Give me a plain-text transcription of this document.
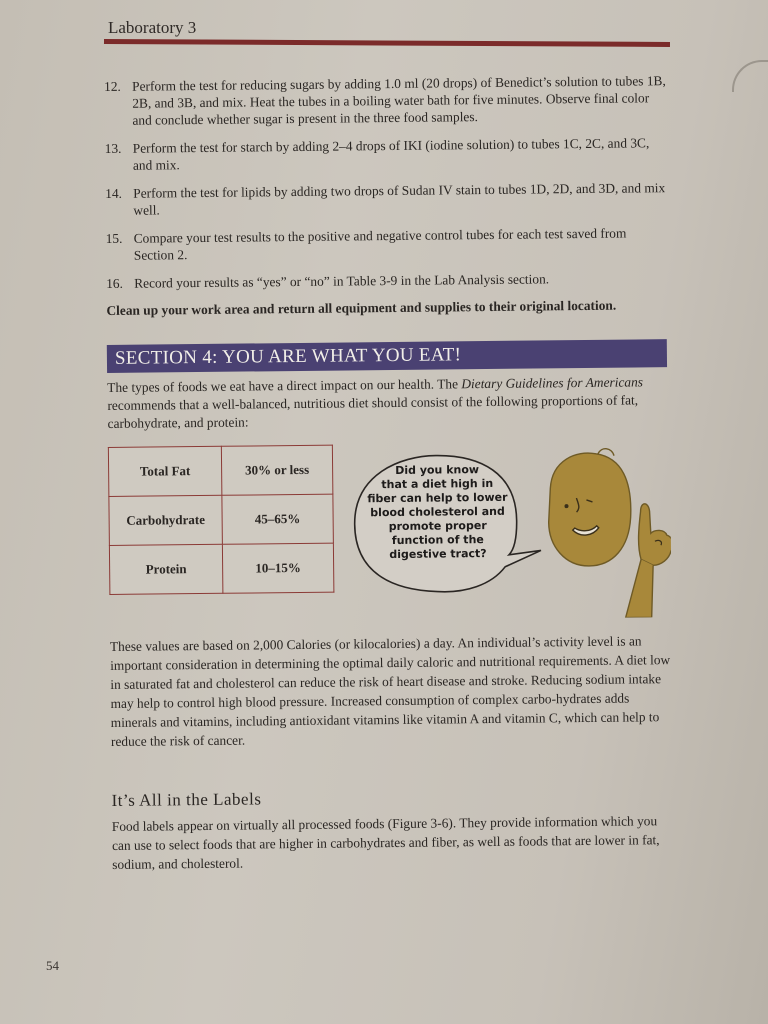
Laboratory 3
12. Perform the test for reducing sugars by adding 1.0 ml (20 drops) of Benedict’s solution to tubes 1B, 2B, and 3B, and mix. Heat the tubes in a boiling water bath for five minutes. Observe final color and conclude whether sugar is present in the three food samples.
13. Perform the test for starch by adding 2–4 drops of IKI (iodine solution) to tubes 1C, 2C, and 3C, and mix.
14. Perform the test for lipids by adding two drops of Sudan IV stain to tubes 1D, 2D, and 3D, and mix well.
15. Compare your test results to the positive and negative control tubes for each test saved from Section 2.
16. Record your results as “yes” or “no” in Table 3-9 in the Lab Analysis section.
Clean up your work area and return all equipment and supplies to their original location.
SECTION 4: YOU ARE WHAT YOU EAT!
The types of foods we eat have a direct impact on our health. The Dietary Guidelines for Americans recommends that a well-balanced, nutritious diet should consist of the following proportions of fat, carbohydrate, and protein:
Total Fat	30% or less
Carbohydrate	45–65%
Protein	10–15%
Did you know
that a diet high in
fiber can help to lower
blood cholesterol and
promote proper
function of the
digestive tract?
These values are based on 2,000 Calories (or kilocalories) a day. An individual’s activity level is an important consideration in determining the optimal daily caloric and nutritional requirements. A diet low in saturated fat and cholesterol can reduce the risk of heart disease and stroke. Reducing sodium intake may help to control high blood pressure. Increased consumption of complex carbo-hydrates adds minerals and vitamins, including antioxidant vitamins like vitamin A and vitamin C, which can help to reduce the risk of cancer.
It’s All in the Labels
Food labels appear on virtually all processed foods (Figure 3-6). They provide information which you can use to select foods that are higher in carbohydrates and fiber, as well as foods that are lower in fat, sodium, and cholesterol.
54
